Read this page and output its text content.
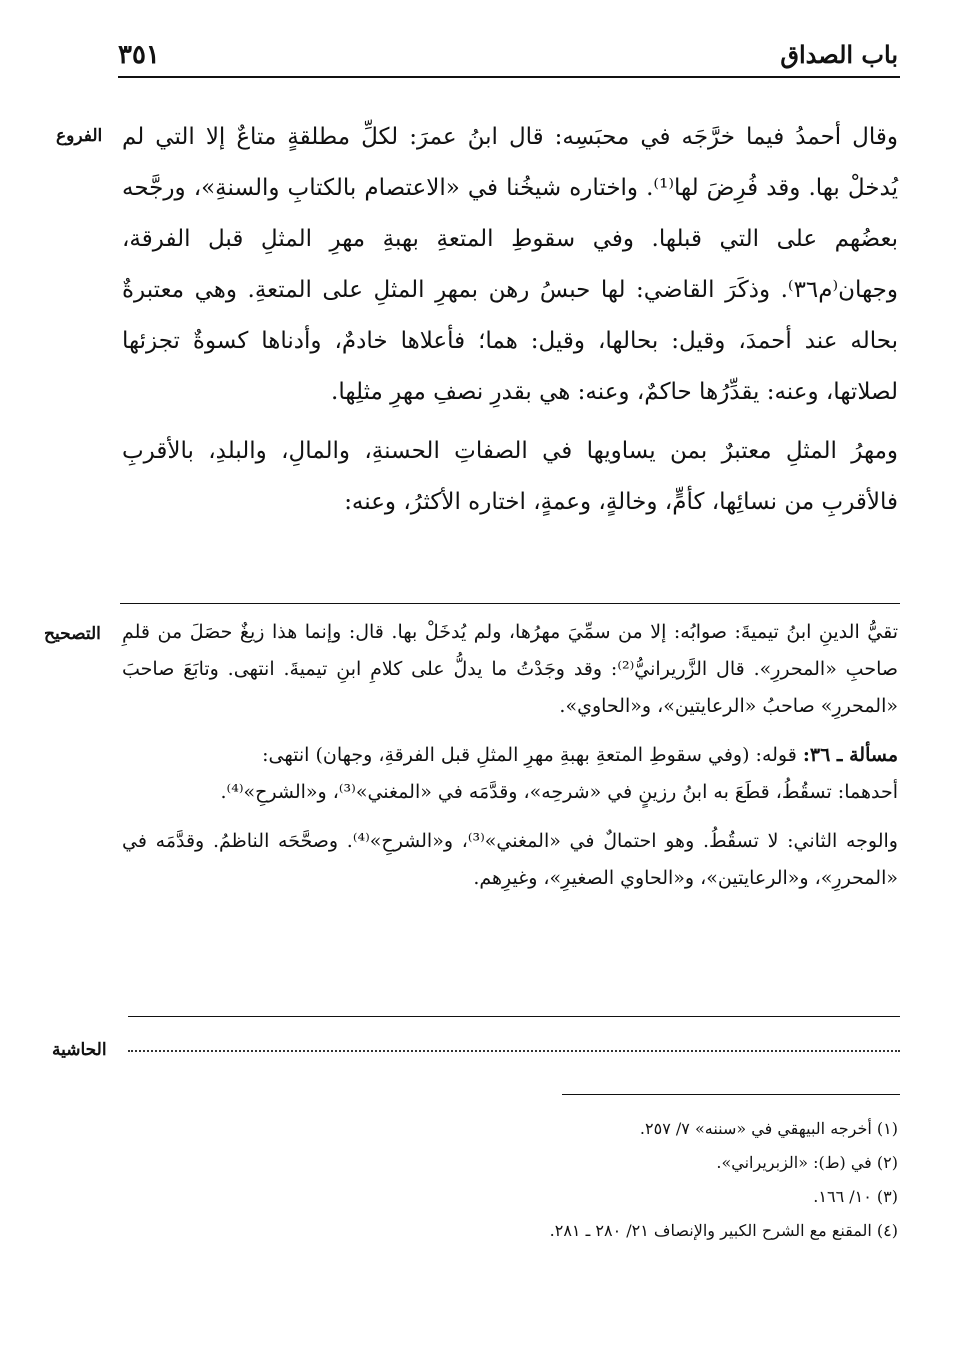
باب الصداق
٣٥١
الفروع وقال أحمدُ فيما خرَّجَه في محبَسِه: قال ابنُ عمرَ: لكلِّ مطلقةٍ متاعٌ إلا التي لم يُدخلْ بها. وقد فُرِضَ لها⁽¹⁾. واختاره شيخُنا في «الاعتصام بالكتابِ والسنةِ»، ورجَّحه بعضُهم على التي قبلها. وفي سقوطِ المتعةِ بهبةِ مهرِ المثلِ قبل الفرقة، وجهان⁽م٣٦⁾. وذكَرَ القاضي: لها حبسُ رهن بمهرِ المثلِ على المتعةِ. وهي معتبرةٌ بحاله عند أحمدَ، وقيل: بحالها، وقيل: هما؛ فأعلاها خادمٌ، وأدناها كسوةٌ تجزئها لصلاتها، وعنه: يقدِّرُها حاكمٌ، وعنه: هي بقدرِ نصفِ مهرِ مثلِها.

ومهرُ المثلِ معتبرٌ بمن يساويها في الصفاتِ الحسنةِ، والمالِ، والبلدِ، بالأقربِ فالأقربِ من نسائِها، كأمٍّ، وخالةٍ، وعمةٍ، اختاره الأكثرُ، وعنه:

التصحيح تقيُّ الدينِ ابنُ تيميةَ: صوابُه: إلا من سمِّيَ مهرُها، ولم يُدخَلْ بها. قال: وإنما هذا زيغٌ حصَلَ من قلمِ صاحبِ «المحررِ». قال الزَّريرانيُّ⁽²⁾: وقد وجَدْتُ ما يدلُّ على كلامِ ابنِ تيميةَ. انتهى. وتابَعَ صاحبَ «المحررِ» صاحبُ «الرعايتين»، و«الحاوي».

مسألة ـ ٣٦: قوله: (وفي سقوطِ المتعةِ بهبةِ مهرِ المثلِ قبل الفرقةِ، وجهان) انتهى:

أحدهما: تسقُطُ، قطَعَ به ابنُ رزينٍ في «شرحِه»، وقدَّمَه في «المغني»⁽³⁾، و«الشرحِ»⁽⁴⁾.

والوجه الثاني: لا تسقُطُ. وهو احتمالٌ في «المغني»⁽³⁾، و«الشرحِ»⁽⁴⁾. وصحَّحَه الناظمُ. وقدَّمَه في «المحررِ»، و«الرعايتين»، و«الحاوي الصغيرِ»، وغيرِهم.

الحاشية
(١) أخرجه البيهقي في «سننه» ٧/ ٢٥٧.
(٢) في (ط): «الزبريراني».
(٣) ١٠/ ١٦٦.
(٤) المقنع مع الشرح الكبير والإنصاف ٢١/ ٢٨٠ ـ ٢٨١.
